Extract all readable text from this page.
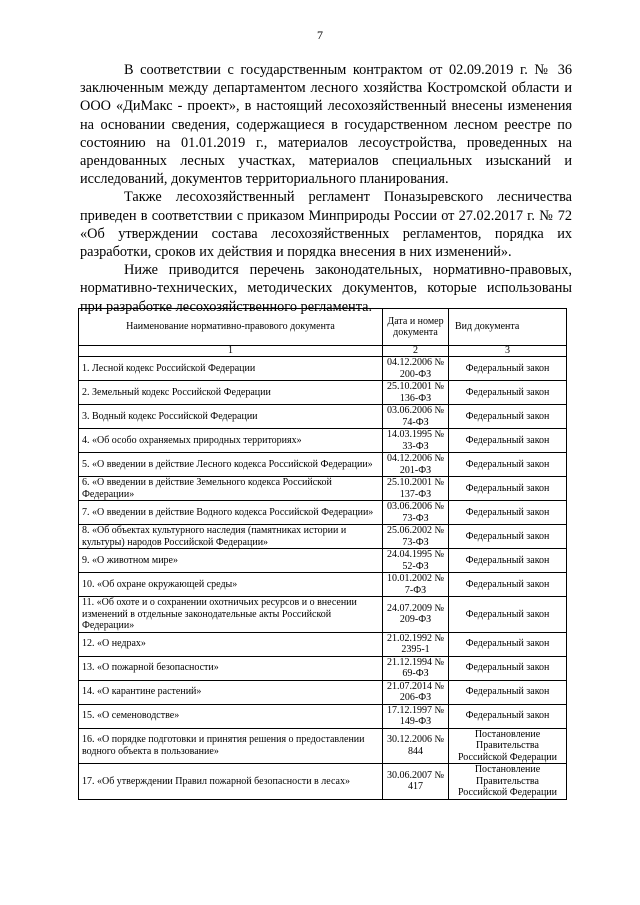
7

В соответствии с государственным контрактом от 02.09.2019 г. № 36 заключенным между департаментом лесного хозяйства Костромской области и ООО «ДиМакс - проект», в настоящий лесохозяйственный внесены изменения на основании сведения, содержащиеся в государственном лесном реестре по состоянию на 01.01.2019 г., материалов лесоустройства, проведенных на арендованных лесных участках, материалов специальных изысканий и исследований, документов территориального планирования.

Также лесохозяйственный регламент Поназыревского лесничества приведен в соответствии с приказом Минприроды России от 27.02.2017 г. № 72 «Об утверждении состава лесохозяйственных регламентов, порядка их разработки, сроков их действия и порядка внесения в них изменений».

Ниже приводится перечень законодательных, нормативно-правовых, нормативно-технических, методических документов, которые использованы при разработке лесохозяйственного регламента.

Наименование нормативно-правового документа	Дата и номер документа	Вид документа
1	2	3
1. Лесной кодекс Российской Федерации	04.12.2006 № 200-ФЗ	Федеральный закон
2. Земельный кодекс Российской Федерации	25.10.2001 № 136-ФЗ	Федеральный закон
3. Водный кодекс Российской Федерации	03.06.2006 № 74-ФЗ	Федеральный закон
4. «Об особо охраняемых природных территориях»	14.03.1995 № 33-ФЗ	Федеральный закон
5. «О введении в действие Лесного кодекса Российской Федерации»	04.12.2006 № 201-ФЗ	Федеральный закон
6. «О введении в действие Земельного кодекса Российской Федерации»	25.10.2001 № 137-ФЗ	Федеральный закон
7. «О введении в действие Водного кодекса Российской Федерации»	03.06.2006 № 73-ФЗ	Федеральный закон
8. «Об объектах культурного наследия (памятниках истории и культуры) народов Российской Федерации»	25.06.2002 № 73-ФЗ	Федеральный закон
9. «О животном мире»	24.04.1995 № 52-ФЗ	Федеральный закон
10. «Об охране окружающей среды»	10.01.2002 № 7-ФЗ	Федеральный закон
11. «Об охоте и о сохранении охотничьих ресурсов и о внесении изменений в отдельные законодательные акты Российской Федерации»	24.07.2009 № 209-ФЗ	Федеральный закон
12. «О недрах»	21.02.1992 № 2395-1	Федеральный закон
13. «О пожарной безопасности»	21.12.1994 № 69-ФЗ	Федеральный закон
14. «О карантине растений»	21.07.2014 № 206-ФЗ	Федеральный закон
15. «О семеноводстве»	17.12.1997 № 149-ФЗ	Федеральный закон
16. «О порядке подготовки и принятия решения о предоставлении водного объекта в пользование»	30.12.2006 № 844	Постановление Правительства Российской Федерации
17. «Об утверждении Правил пожарной безопасности в лесах»	30.06.2007 № 417	Постановление Правительства Российской Федерации
